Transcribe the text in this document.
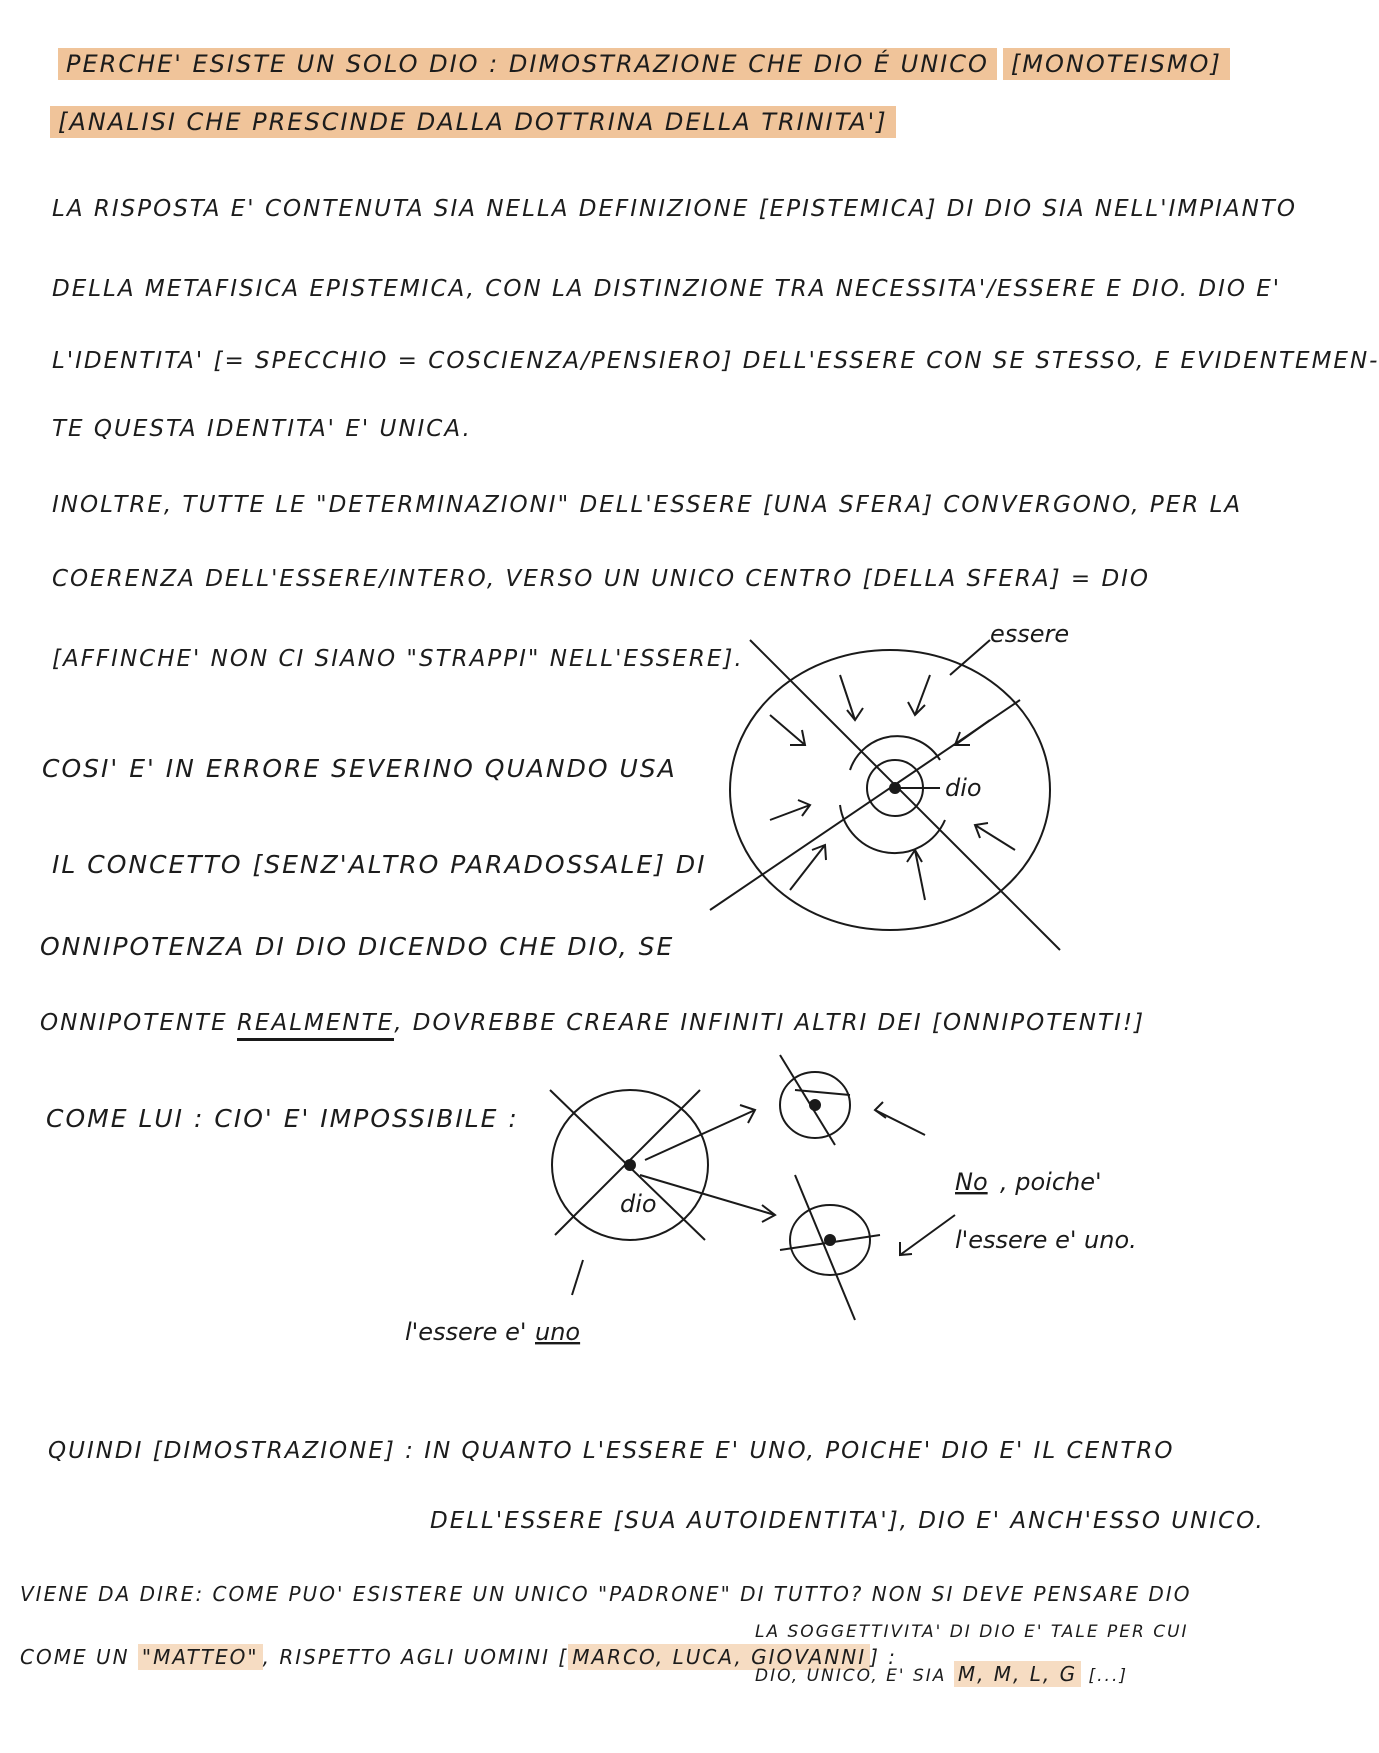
PERCHE' ESISTE UN SOLO DIO : DIMOSTRAZIONE CHE DIO É UNICO [MONOTEISMO]
[ANALISI CHE PRESCINDE DALLA DOTTRINA DELLA TRINITA']
LA RISPOSTA E' CONTENUTA SIA NELLA DEFINIZIONE [EPISTEMICA] DI DIO SIA NELL'IMPIANTO
DELLA METAFISICA EPISTEMICA, CON LA DISTINZIONE TRA NECESSITA'/ESSERE E DIO. DIO E'
L'IDENTITA' [= SPECCHIO = COSCIENZA/PENSIERO] DELL'ESSERE CON SE STESSO, E EVIDENTEMEN-
TE QUESTA IDENTITA' E' UNICA.
INOLTRE, TUTTE LE "DETERMINAZIONI" DELL'ESSERE [UNA SFERA] CONVERGONO, PER LA
COERENZA DELL'ESSERE/INTERO, VERSO UN UNICO CENTRO [DELLA SFERA] = DIO
[AFFINCHE' NON CI SIANO "STRAPPI" NELL'ESSERE].
COSI' E' IN ERRORE SEVERINO QUANDO USA
IL CONCETTO [SENZ'ALTRO PARADOSSALE] DI
ONNIPOTENZA DI DIO DICENDO CHE DIO, SE
ONNIPOTENTE REALMENTE, DOVREBBE CREARE INFINITI ALTRI DEI [ONNIPOTENTI!]
COME LUI : CIO' E' IMPOSSIBILE :
essere
dio
dio
No , poiche'
l'essere e' uno.
l'essere e' uno
QUINDI [DIMOSTRAZIONE] : IN QUANTO L'ESSERE E' UNO, POICHE' DIO E' IL CENTRO
DELL'ESSERE [SUA AUTOIDENTITA'], DIO E' ANCH'ESSO UNICO.
VIENE DA DIRE: COME PUO' ESISTERE UN UNICO "PADRONE" DI TUTTO? NON SI DEVE PENSARE DIO
COME UN "MATTEO" , RISPETTO AGLI UOMINI [ MARCO, LUCA, GIOVANNI ] :
LA SOGGETTIVITA' DI DIO E' TALE PER CUI
DIO, UNICO, E' SIA M, M, L, G [...]
